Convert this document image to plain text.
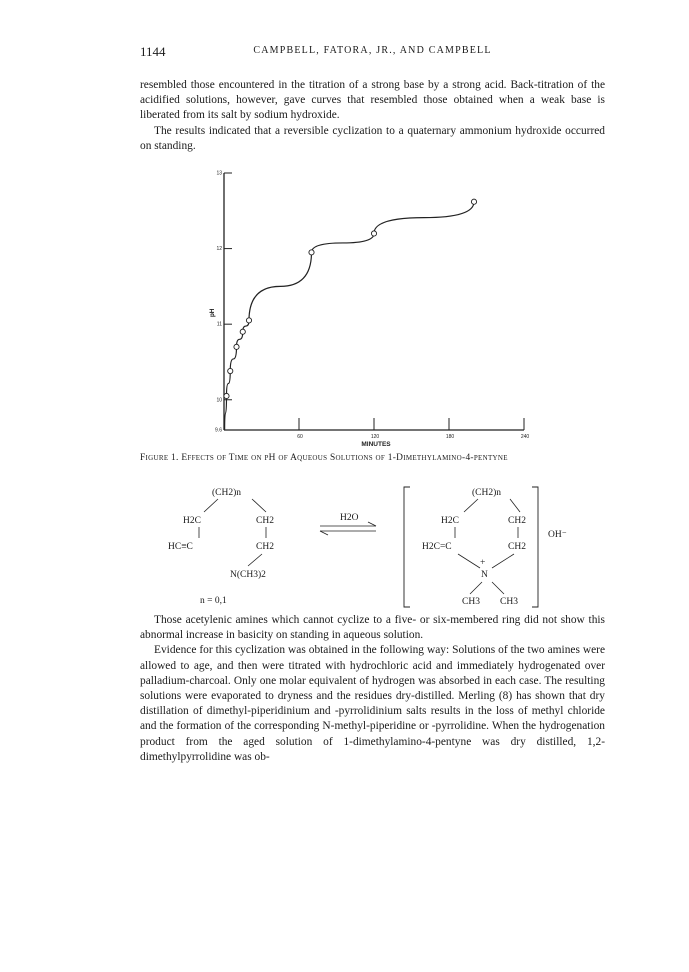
1144	CAMPBELL, FATORA, JR., AND CAMPBELL

resembled those encountered in the titration of a strong base by a strong acid. Back-titration of the acidified solutions, however, gave curves that resembled those obtained when a weak base is liberated from its salt by sodium hydroxide.

The results indicated that a reversible cyclization to a quaternary ammonium hydroxide occurred on standing.

60	120	180	240
9.6
10
11
12
13
MINUTES
pH
(CH2)n
H2C	CH2
HC≡C	CH2
N(CH3)2
n = 0,1
H2O
(CH2)n
H2C	CH2
H2C=C	CH2
+
N
CH3 CH3
OH⁻

Figure 1. Effects of Time on pH of Aqueous Solutions of 1-Dimethylamino-4-pentyne

Those acetylenic amines which cannot cyclize to a five- or six-membered ring did not show this abnormal increase in basicity on standing in aqueous solution.

Evidence for this cyclization was obtained in the following way: Solutions of the two amines were allowed to age, and then were titrated with hydrochloric acid and immediately hydrogenated over palladium-charcoal. Only one molar equivalent of hydrogen was absorbed in each case. The resulting solutions were evaporated to dryness and the residues dry-distilled. Merling (8) has shown that dry distillation of dimethyl-piperidinium and -pyrrolidinium salts results in the loss of methyl chloride and the formation of the corresponding N-methyl-piperidine or -pyrrolidine. When the hydrogenation product from the aged solution of 1-dimethylamino-4-pentyne was dry distilled, 1,2-dimethylpyrrolidine was ob-
